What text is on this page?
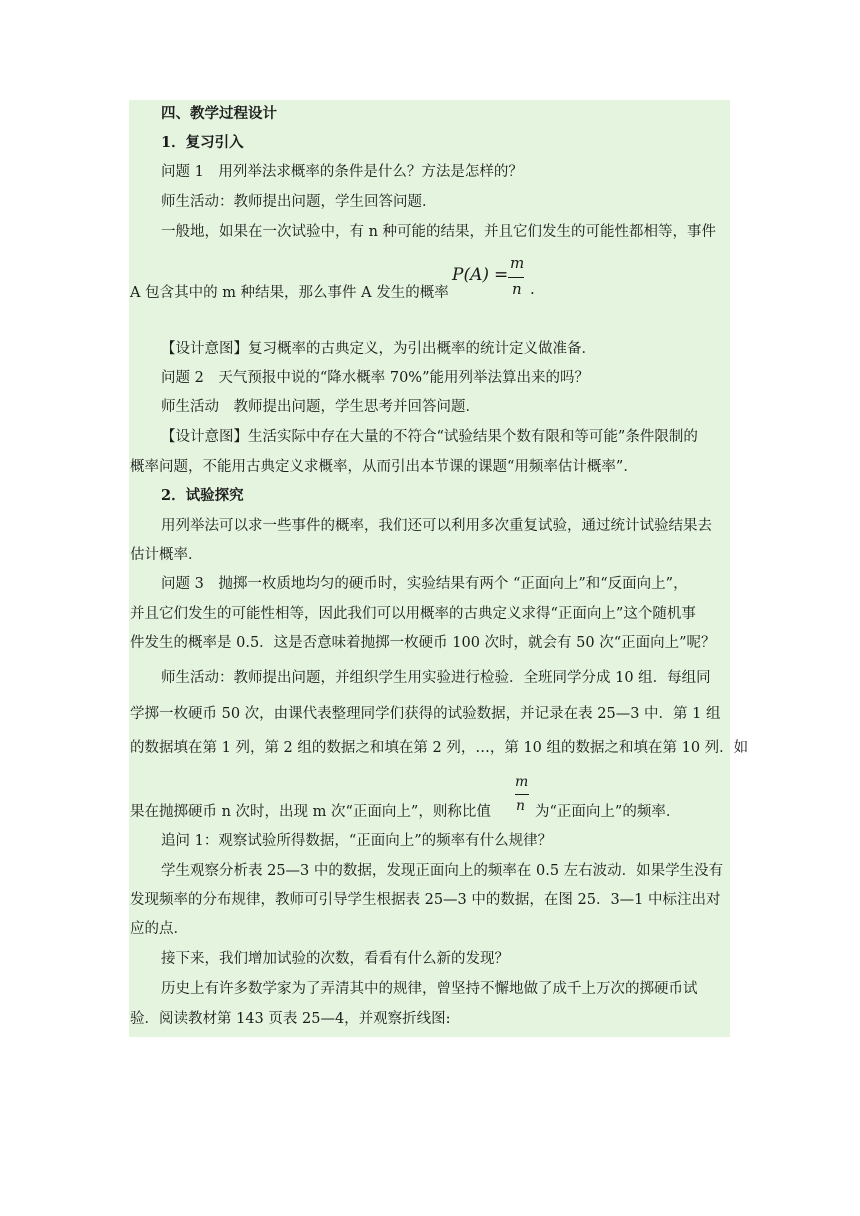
四、教学过程设计
1．复习引入
问题 1　用列举法求概率的条件是什么？方法是怎样的？
师生活动：教师提出问题，学生回答问题．
一般地，如果在一次试验中，有 n 种可能的结果，并且它们发生的可能性都相等，事件
A 包含其中的 m 种结果，那么事件 A 发生的概率
P(A) =
m
n .
【设计意图】复习概率的古典定义，为引出概率的统计定义做准备．
问题 2　天气预报中说的“降水概率 70%”能用列举法算出来的吗？
师生活动　教师提出问题，学生思考并回答问题．
【设计意图】生活实际中存在大量的不符合“试验结果个数有限和等可能”条件限制的
概率问题，不能用古典定义求概率，从而引出本节课的课题“用频率估计概率”．
2．试验探究
用列举法可以求一些事件的概率，我们还可以利用多次重复试验，通过统计试验结果去
估计概率．
问题 3　抛掷一枚质地均匀的硬币时，实验结果有两个 “正面向上”和“反面向上”，
并且它们发生的可能性相等，因此我们可以用概率的古典定义求得“正面向上”这个随机事
件发生的概率是 0.5．这是否意味着抛掷一枚硬币 100 次时，就会有 50 次“正面向上”呢？
师生活动：教师提出问题，并组织学生用实验进行检验．全班同学分成 10 组．每组同
学掷一枚硬币 50 次，由课代表整理同学们获得的试验数据，并记录在表 25—3 中．第 1 组
的数据填在第 1 列，第 2 组的数据之和填在第 2 列，…，第 10 组的数据之和填在第 10 列．如
果在抛掷硬币 n 次时，出现 m 次“正面向上”，则称比值
m
n 为“正面向上”的频率．
追问 1：观察试验所得数据，“正面向上”的频率有什么规律？
学生观察分析表 25—3 中的数据，发现正面向上的频率在 0.5 左右波动．如果学生没有
发现频率的分布规律，教师可引导学生根据表 25—3 中的数据，在图 25．3—1 中标注出对
应的点．
接下来，我们增加试验的次数，看看有什么新的发现？
历史上有许多数学家为了弄清其中的规律，曾坚持不懈地做了成千上万次的掷硬币试
验．阅读教材第 143 页表 25—4，并观察折线图:
